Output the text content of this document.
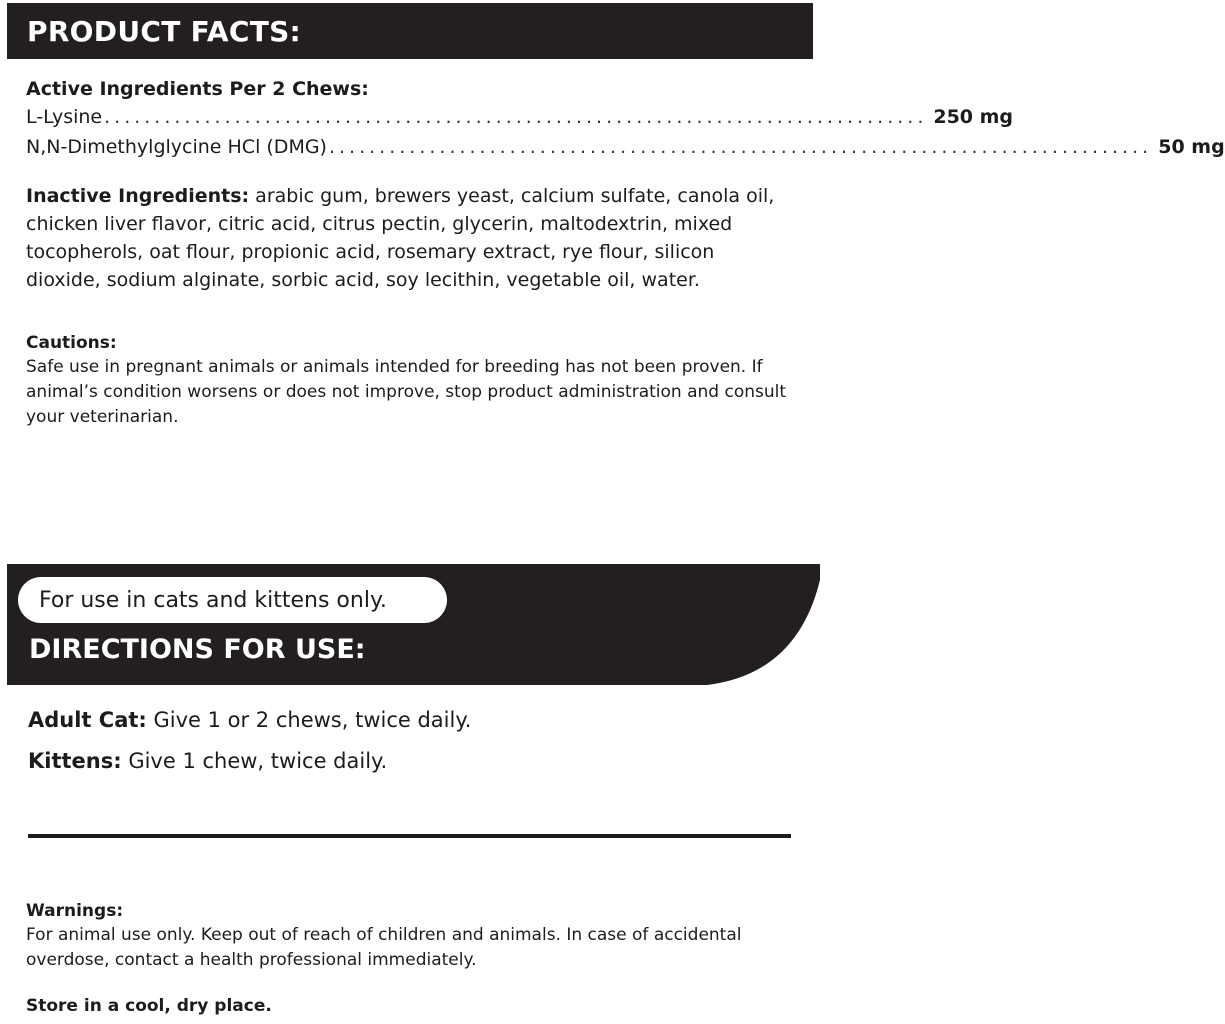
PRODUCT FACTS:
Active Ingredients Per 2 Chews:
L-Lysine .................................................................................. 250 mg
N,N-Dimethylglycine HCl (DMG) .................................................................................. 50 mg

Inactive Ingredients: arabic gum, brewers yeast, calcium sulfate, canola oil, chicken liver flavor, citric acid, citrus pectin, glycerin, maltodextrin, mixed tocopherols, oat flour, propionic acid, rosemary extract, rye flour, silicon dioxide, sodium alginate, sorbic acid, soy lecithin, vegetable oil, water.

Cautions:

Safe use in pregnant animals or animals intended for breeding has not been proven. If animal’s condition worsens or does not improve, stop product administration and consult your veterinarian.

For use in cats and kittens only.
DIRECTIONS FOR USE:

Adult Cat: Give 1 or 2 chews, twice daily.

Kittens: Give 1 chew, twice daily.

Warnings:

For animal use only. Keep out of reach of children and animals. In case of accidental overdose, contact a health professional immediately.

Store in a cool, dry place.
